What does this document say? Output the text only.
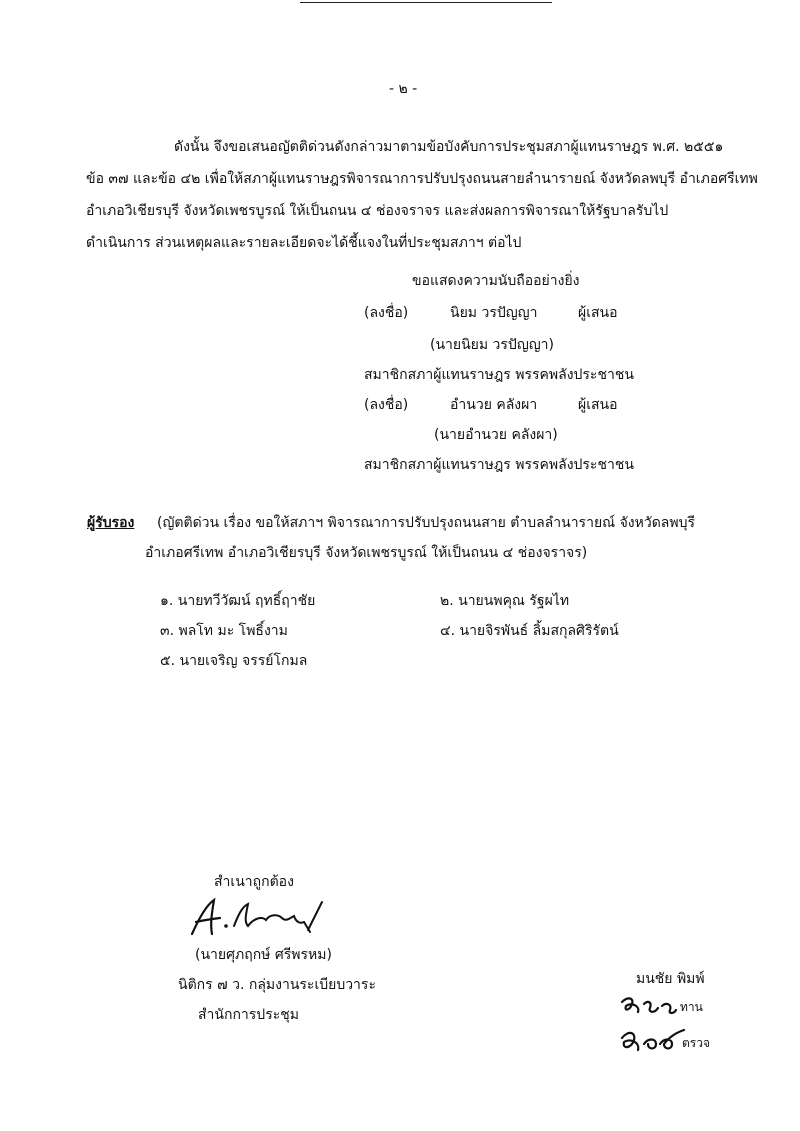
- ๒ -
ดังนั้น จึงขอเสนอญัตติด่วนดังกล่าวมาตามข้อบังคับการประชุมสภาผู้แทนราษฎร พ.ศ. ๒๕๕๑
ข้อ ๓๗ และข้อ ๔๒ เพื่อให้สภาผู้แทนราษฎรพิจารณาการปรับปรุงถนนสายลำนารายณ์ จังหวัดลพบุรี อำเภอศรีเทพ
อำเภอวิเชียรบุรี จังหวัดเพชรบูรณ์ ให้เป็นถนน ๔ ช่องจราจร และส่งผลการพิจารณาให้รัฐบาลรับไป
ดำเนินการ ส่วนเหตุผลและรายละเอียดจะได้ชี้แจงในที่ประชุมสภาฯ ต่อไป
ขอแสดงความนับถืออย่างยิ่ง
(ลงชื่อ)	นิยม วรปัญญา	ผู้เสนอ
(นายนิยม วรปัญญา)
สมาชิกสภาผู้แทนราษฎร พรรคพลังประชาชน
(ลงชื่อ)	อำนวย คลังผา	ผู้เสนอ
(นายอำนวย คลังผา)
สมาชิกสภาผู้แทนราษฎร พรรคพลังประชาชน
ผู้รับรอง (ญัตติด่วน เรื่อง ขอให้สภาฯ พิจารณาการปรับปรุงถนนสาย ตำบลลำนารายณ์ จังหวัดลพบุรี
อำเภอศรีเทพ อำเภอวิเชียรบุรี จังหวัดเพชรบูรณ์ ให้เป็นถนน ๔ ช่องจราจร)
๑. นายทวีวัฒน์ ฤทธิ์ฤาชัย	๒. นายนพคุณ รัฐผไท
๓. พลโท มะ โพธิ์งาม	๔. นายจิรพันธ์ ลิ้มสกุลศิริรัตน์
๕. นายเจริญ จรรย์โกมล
สำเนาถูกต้อง
(นายศุภฤกษ์ ศรีพรหม)
นิติกร ๗ ว. กลุ่มงานระเบียบวาระ
สำนักการประชุม
มนชัย พิมพ์
ทาน
ตรวจ
